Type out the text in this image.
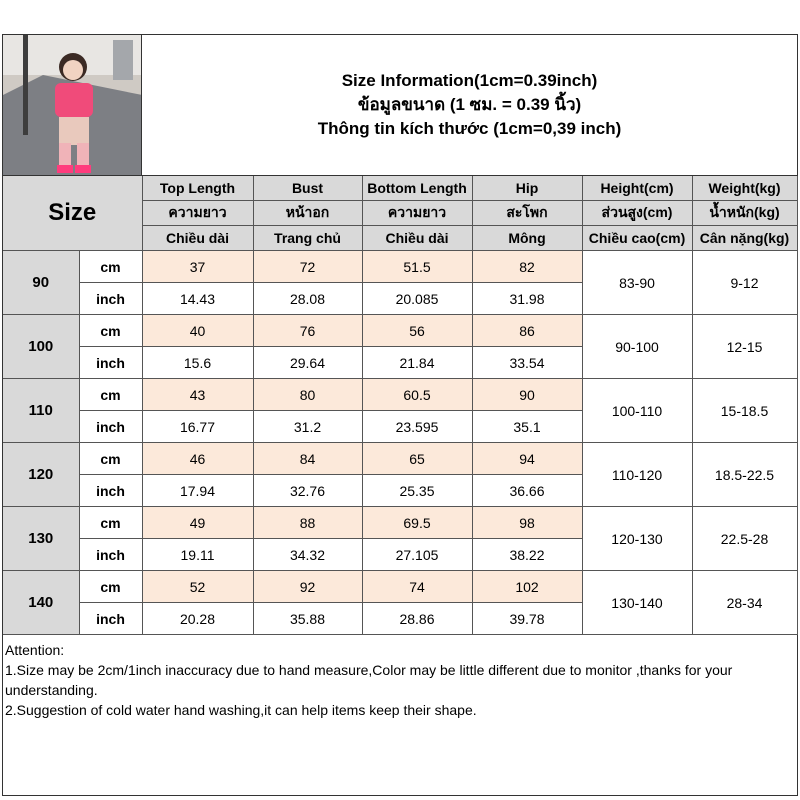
Size Information(1cm=0.39inch)
ข้อมูลขนาด (1 ซม. = 0.39 นิ้ว)
Thông tin kích thước (1cm=0,39 inch)
Size		Top Length	Bust	Bottom Length	Hip	Height(cm)	Weight(kg)
		ความยาว	หน้าอก	ความยาว	สะโพก	ส่วนสูง(cm)	น้ำหนัก(kg)
		Chiều dài	Trang chủ	Chiều dài	Mông	Chiều cao(cm)	Cân nặng(kg)
90	cm	37	72	51.5	82	83-90	9-12
	inch	14.43	28.08	20.085	31.98		
100	cm	40	76	56	86	90-100	12-15
	inch	15.6	29.64	21.84	33.54		
110	cm	43	80	60.5	90	100-110	15-18.5
	inch	16.77	31.2	23.595	35.1		
120	cm	46	84	65	94	110-120	18.5-22.5
	inch	17.94	32.76	25.35	36.66		
130	cm	49	88	69.5	98	120-130	22.5-28
	inch	19.11	34.32	27.105	38.22		
140	cm	52	92	74	102	130-140	28-34
	inch	20.28	35.88	28.86	39.78		

Attention:

1.Size may be 2cm/1inch inaccuracy due to hand measure,Color may be little different due to monitor ,thanks for your understanding.

2.Suggestion of cold water hand washing,it can help items keep their shape.
